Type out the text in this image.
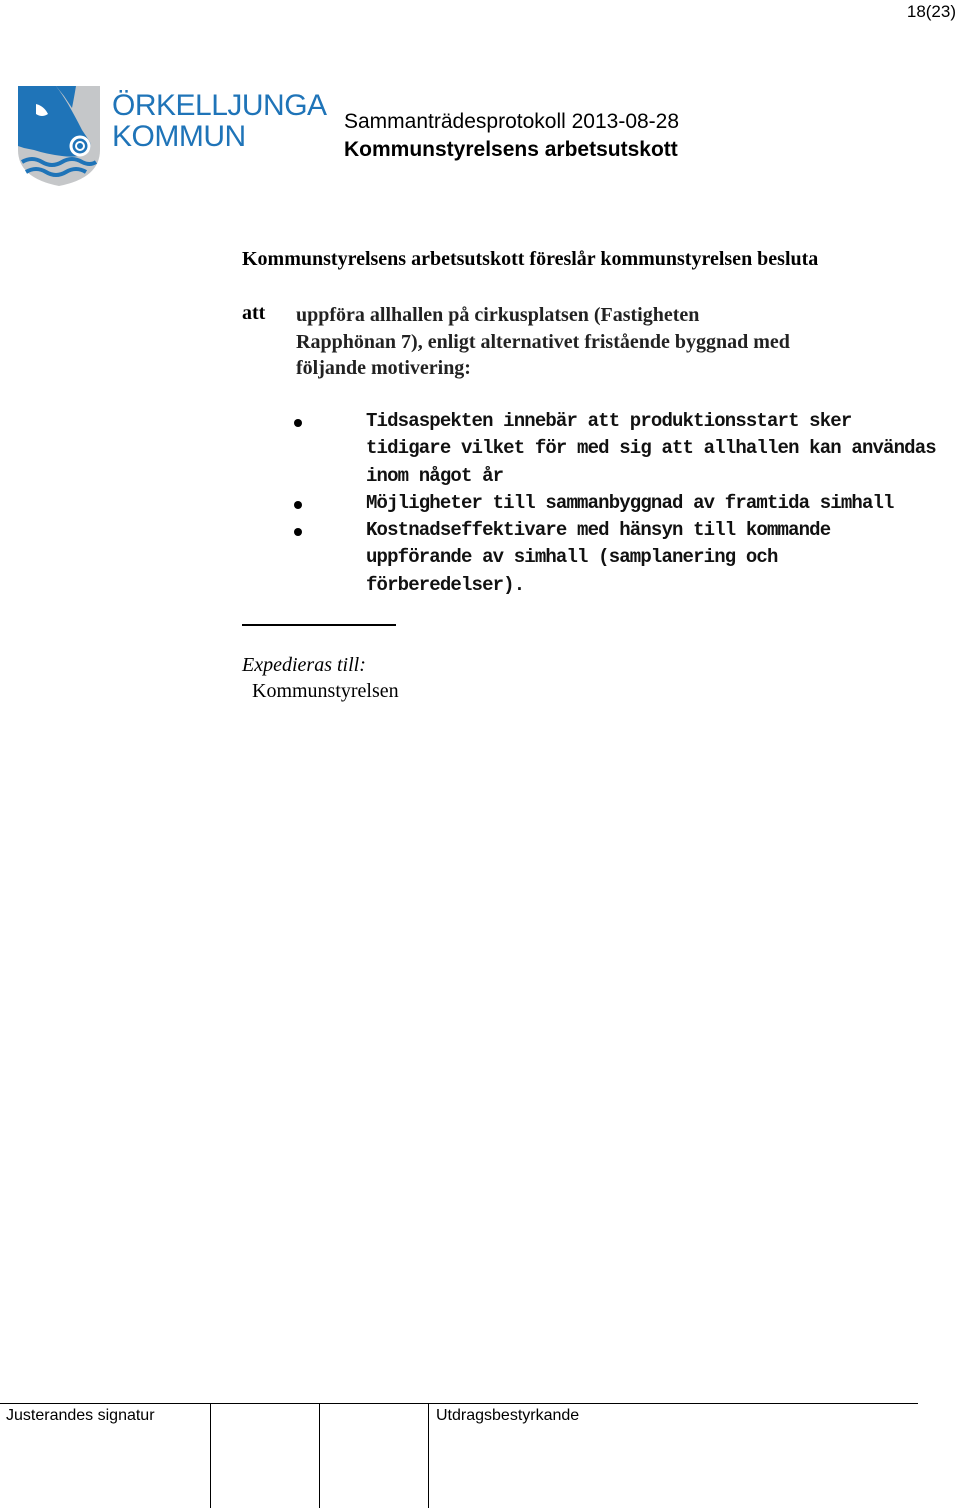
18(23)
ÖRKELLJUNGA
KOMMUN	Sammanträdesprotokoll 2013-08-28
Kommunstyrelsens arbetsutskott
Kommunstyrelsens arbetsutskott föreslår kommunstyrelsen besluta
att uppföra allhallen på cirkusplatsen (Fastigheten
Rapphönan 7), enligt alternativet fristående byggnad med
följande motivering:
Tidsaspekten innebär att produktionsstart sker
tidigare vilket för med sig att allhallen kan användas
inom något år
Möjligheter till sammanbyggnad av framtida simhall
Kostnadseffektivare med hänsyn till kommande
uppförande av simhall (samplanering och
förberedelser).
Expedieras till:
Kommunstyrelsen
Justerandes signatur	Utdragsbestyrkande
